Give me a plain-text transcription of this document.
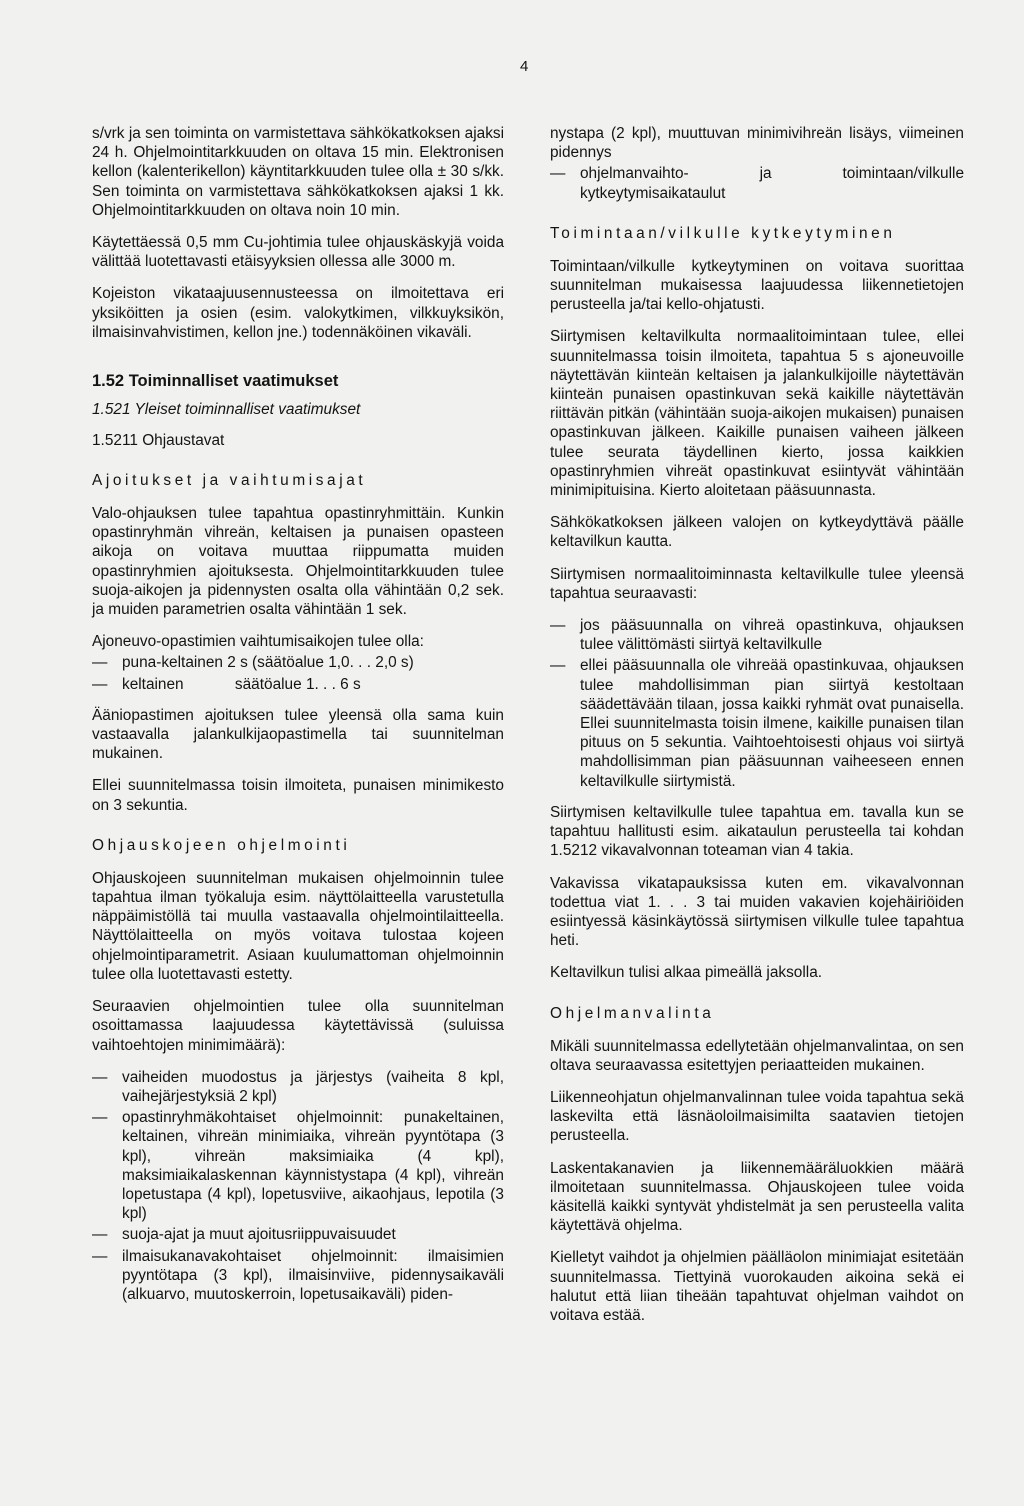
4

s/vrk ja sen toiminta on varmistettava sähkökatkoksen ajaksi 24 h. Ohjelmointitarkkuuden on oltava 15 min. Elektronisen kellon (kalenterikellon) käyntitarkkuuden tulee olla ± 30 s/kk. Sen toiminta on varmistettava sähkökatkoksen ajaksi 1 kk. Ohjelmointitarkkuuden on oltava noin 10 min.

Käytettäessä 0,5 mm Cu-johtimia tulee ohjauskäskyjä voida välittää luotettavasti etäisyyksien ollessa alle 3000 m.

Kojeiston vikataajuusennusteessa on ilmoitettava eri yksiköitten ja osien (esim. valokytkimen, vilkkuyksikön, ilmaisinvahvistimen, kellon jne.) todennäköinen vikaväli.

1.52 Toiminnalliset vaatimukset
1.521 Yleiset toiminnalliset vaatimukset
1.5211 Ohjaustavat
Ajoitukset ja vaihtumisajat

Valo-ohjauksen tulee tapahtua opastinryhmittäin. Kunkin opastinryhmän vihreän, keltaisen ja punaisen opasteen aikoja on voitava muuttaa riippumatta muiden opastinryhmien ajoituksesta. Ohjelmointitarkkuuden tulee suoja-aikojen ja pidennysten osalta olla vähintään 0,2 sek. ja muiden parametrien osalta vähintään 1 sek.

Ajoneuvo-opastimien vaihtumisaikojen tulee olla:

— puna-keltainen 2 s (säätöalue 1,0. . . 2,0 s)
— keltainen            säätöalue 1. . . 6 s

Ääniopastimen ajoituksen tulee yleensä olla sama kuin vastaavalla jalankulkijaopastimella tai suunnitelman mukainen.

Ellei suunnitelmassa toisin ilmoiteta, punaisen minimikesto on 3 sekuntia.

Ohjauskojeen ohjelmointi

Ohjauskojeen suunnitelman mukaisen ohjelmoinnin tulee tapahtua ilman työkaluja esim. näyttölaitteella varustetulla näppäimistöllä tai muulla vastaavalla ohjelmointilaitteella. Näyttölaitteella on myös voitava tulostaa kojeen ohjelmointiparametrit. Asiaan kuulumattoman ohjelmoinnin tulee olla luotettavasti estetty.

Seuraavien ohjelmointien tulee olla suunnitelman osoittamassa laajuudessa käytettävissä (suluissa vaihtoehtojen minimimäärä):

— vaiheiden muodostus ja järjestys (vaiheita 8 kpl, vaihejärjestyksiä 2 kpl)
— opastinryhmäkohtaiset ohjelmoinnit: punakeltainen, keltainen, vihreän minimiaika, vihreän pyyntötapa (3 kpl), vihreän maksimiaika (4 kpl), maksimiaikalaskennan käynnistystapa (4 kpl), vihreän lopetustapa (4 kpl), lopetusviive, aikaohjaus, lepotila (3 kpl)
— suoja-ajat ja muut ajoitusriippuvaisuudet
— ilmaisukanavakohtaiset ohjelmoinnit: ilmaisimien pyyntötapa (3 kpl), ilmaisinviive, pidennysaikaväli (alkuarvo, muutoskerroin, lopetusaikaväli) piden-

nystapa (2 kpl), muuttuvan minimivihreän lisäys, viimeinen pidennys

— ohjelmanvaihto- ja toimintaan/vilkulle kytkeytymisaikataulut
Toimintaan/vilkulle kytkeytyminen

Toimintaan/vilkulle kytkeytyminen on voitava suorittaa suunnitelman mukaisessa laajuudessa liikennetietojen perusteella ja/tai kello-ohjatusti.

Siirtymisen keltavilkulta normaalitoimintaan tulee, ellei suunnitelmassa toisin ilmoiteta, tapahtua 5 s ajoneuvoille näytettävän kiinteän keltaisen ja jalankulkijoille näytettävän kiinteän punaisen opastinkuvan sekä kaikille näytettävän riittävän pitkän (vähintään suoja-aikojen mukaisen) punaisen opastinkuvan jälkeen. Kaikille punaisen vaiheen jälkeen tulee seurata täydellinen kierto, jossa kaikkien opastinryhmien vihreät opastinkuvat esiintyvät vähintään minimipituisina. Kierto aloitetaan pääsuunnasta.

Sähkökatkoksen jälkeen valojen on kytkeydyttävä päälle keltavilkun kautta.

Siirtymisen normaalitoiminnasta keltavilkulle tulee yleensä tapahtua seuraavasti:

— jos pääsuunnalla on vihreä opastinkuva, ohjauksen tulee välittömästi siirtyä keltavilkulle
— ellei pääsuunnalla ole vihreää opastinkuvaa, ohjauksen tulee mahdollisimman pian siirtyä kestoltaan säädettävään tilaan, jossa kaikki ryhmät ovat punaisella. Ellei suunnitelmasta toisin ilmene, kaikille punaisen tilan pituus on 5 sekuntia. Vaihtoehtoisesti ohjaus voi siirtyä mahdollisimman pian pääsuunnan vaiheeseen ennen keltavilkulle siirtymistä.

Siirtymisen keltavilkulle tulee tapahtua em. tavalla kun se tapahtuu hallitusti esim. aikataulun perusteella tai kohdan 1.5212 vikavalvonnan toteaman vian 4 takia.

Vakavissa vikatapauksissa kuten em. vikavalvonnan todettua viat 1. . . 3 tai muiden vakavien kojehäiriöiden esiintyessä käsinkäytössä siirtymisen vilkulle tulee tapahtua heti.

Keltavilkun tulisi alkaa pimeällä jaksolla.

Ohjelmanvalinta

Mikäli suunnitelmassa edellytetään ohjelmanvalintaa, on sen oltava seuraavassa esitettyjen periaatteiden mukainen.

Liikenneohjatun ohjelmanvalinnan tulee voida tapahtua sekä laskevilta että läsnäoloilmaisimilta saatavien tietojen perusteella.

Laskentakanavien ja liikennemääräluokkien määrä ilmoitetaan suunnitelmassa. Ohjauskojeen tulee voida käsitellä kaikki syntyvät yhdistelmät ja sen perusteella valita käytettävä ohjelma.

Kielletyt vaihdot ja ohjelmien päälläolon minimiajat esitetään suunnitelmassa. Tiettyinä vuorokauden aikoina sekä ei halutut että liian tiheään tapahtuvat ohjelman vaihdot on voitava estää.
